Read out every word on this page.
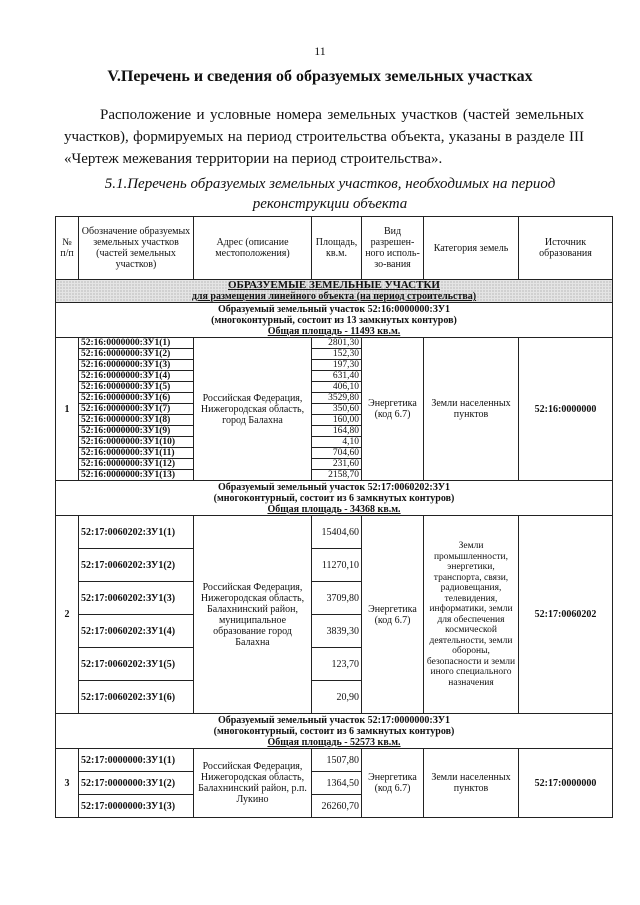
11
V.Перечень и сведения об образуемых земельных участках

Расположение и условные номера земельных участков (частей земельных участков), формируемых на период строительства объекта, указаны в разделе III «Чертеж межевания территории на период строительства».

5.1.Перечень образуемых земельных участков, необходимых на период
реконструкции объекта
№ п/п	Обозначение образуемых земельных участков (частей земельных участков)	Адрес (описание местоположения)	Площадь, кв.м.	Вид разрешен-ного исполь-зо-вания	Категория земель	Источник образования

ОБРАЗУЕМЫЕ ЗЕМЕЛЬНЫЕ УЧАСТКИ
для размещения линейного объекта (на период строительства)						

Образуемый земельный участок 52:16:0000000:ЗУ1
(многоконтурный, состоит из 13 замкнутых контуров)
Общая площадь - 11493 кв.м.						

1	52:16:0000000:ЗУ1(1)	Российская Федерация, Нижегородская область, город Балахна	2801,30	Энергетика (код 6.7)	Земли населенных пунктов	52:16:0000000
	52:16:0000000:ЗУ1(2)		152,30			
	52:16:0000000:ЗУ1(3)		197,30			
	52:16:0000000:ЗУ1(4)		631,40			
	52:16:0000000:ЗУ1(5)		406,10			
	52:16:0000000:ЗУ1(6)		3529,80			
	52:16:0000000:ЗУ1(7)		350,60			
	52:16:0000000:ЗУ1(8)		160,00			
	52:16:0000000:ЗУ1(9)		164,80			
	52:16:0000000:ЗУ1(10)		4,10			
	52:16:0000000:ЗУ1(11)		704,60			
	52:16:0000000:ЗУ1(12)		231,60			
	52:16:0000000:ЗУ1(13)		2158,70			

Образуемый земельный участок 52:17:0060202:ЗУ1
(многоконтурный, состоит из 6 замкнутых контуров)
Общая площадь - 34368 кв.м.						

2	52:17:0060202:ЗУ1(1)	Российская Федерация, Нижегородская область, Балахнинский район, муниципальное образование город Балахна	15404,60	Энергетика (код 6.7)	Земли промышленности, энергетики, транспорта, связи, радиовещания, телевидения, информатики, земли для обеспечения космической деятельности, земли обороны, безопасности и земли иного специального назначения	52:17:0060202
	52:17:0060202:ЗУ1(2)		11270,10			
	52:17:0060202:ЗУ1(3)		3709,80			
	52:17:0060202:ЗУ1(4)		3839,30			
	52:17:0060202:ЗУ1(5)		123,70			
	52:17:0060202:ЗУ1(6)		20,90			

Образуемый земельный участок 52:17:0000000:ЗУ1
(многоконтурный, состоит из 6 замкнутых контуров)
Общая площадь - 52573 кв.м.						

3	52:17:0000000:ЗУ1(1)	Российская Федерация, Нижегородская область, Балахнинский район, р.п. Лукино	1507,80	Энергетика (код 6.7)	Земли населенных пунктов	52:17:0000000
	52:17:0000000:ЗУ1(2)		1364,50			
	52:17:0000000:ЗУ1(3)		26260,70			
